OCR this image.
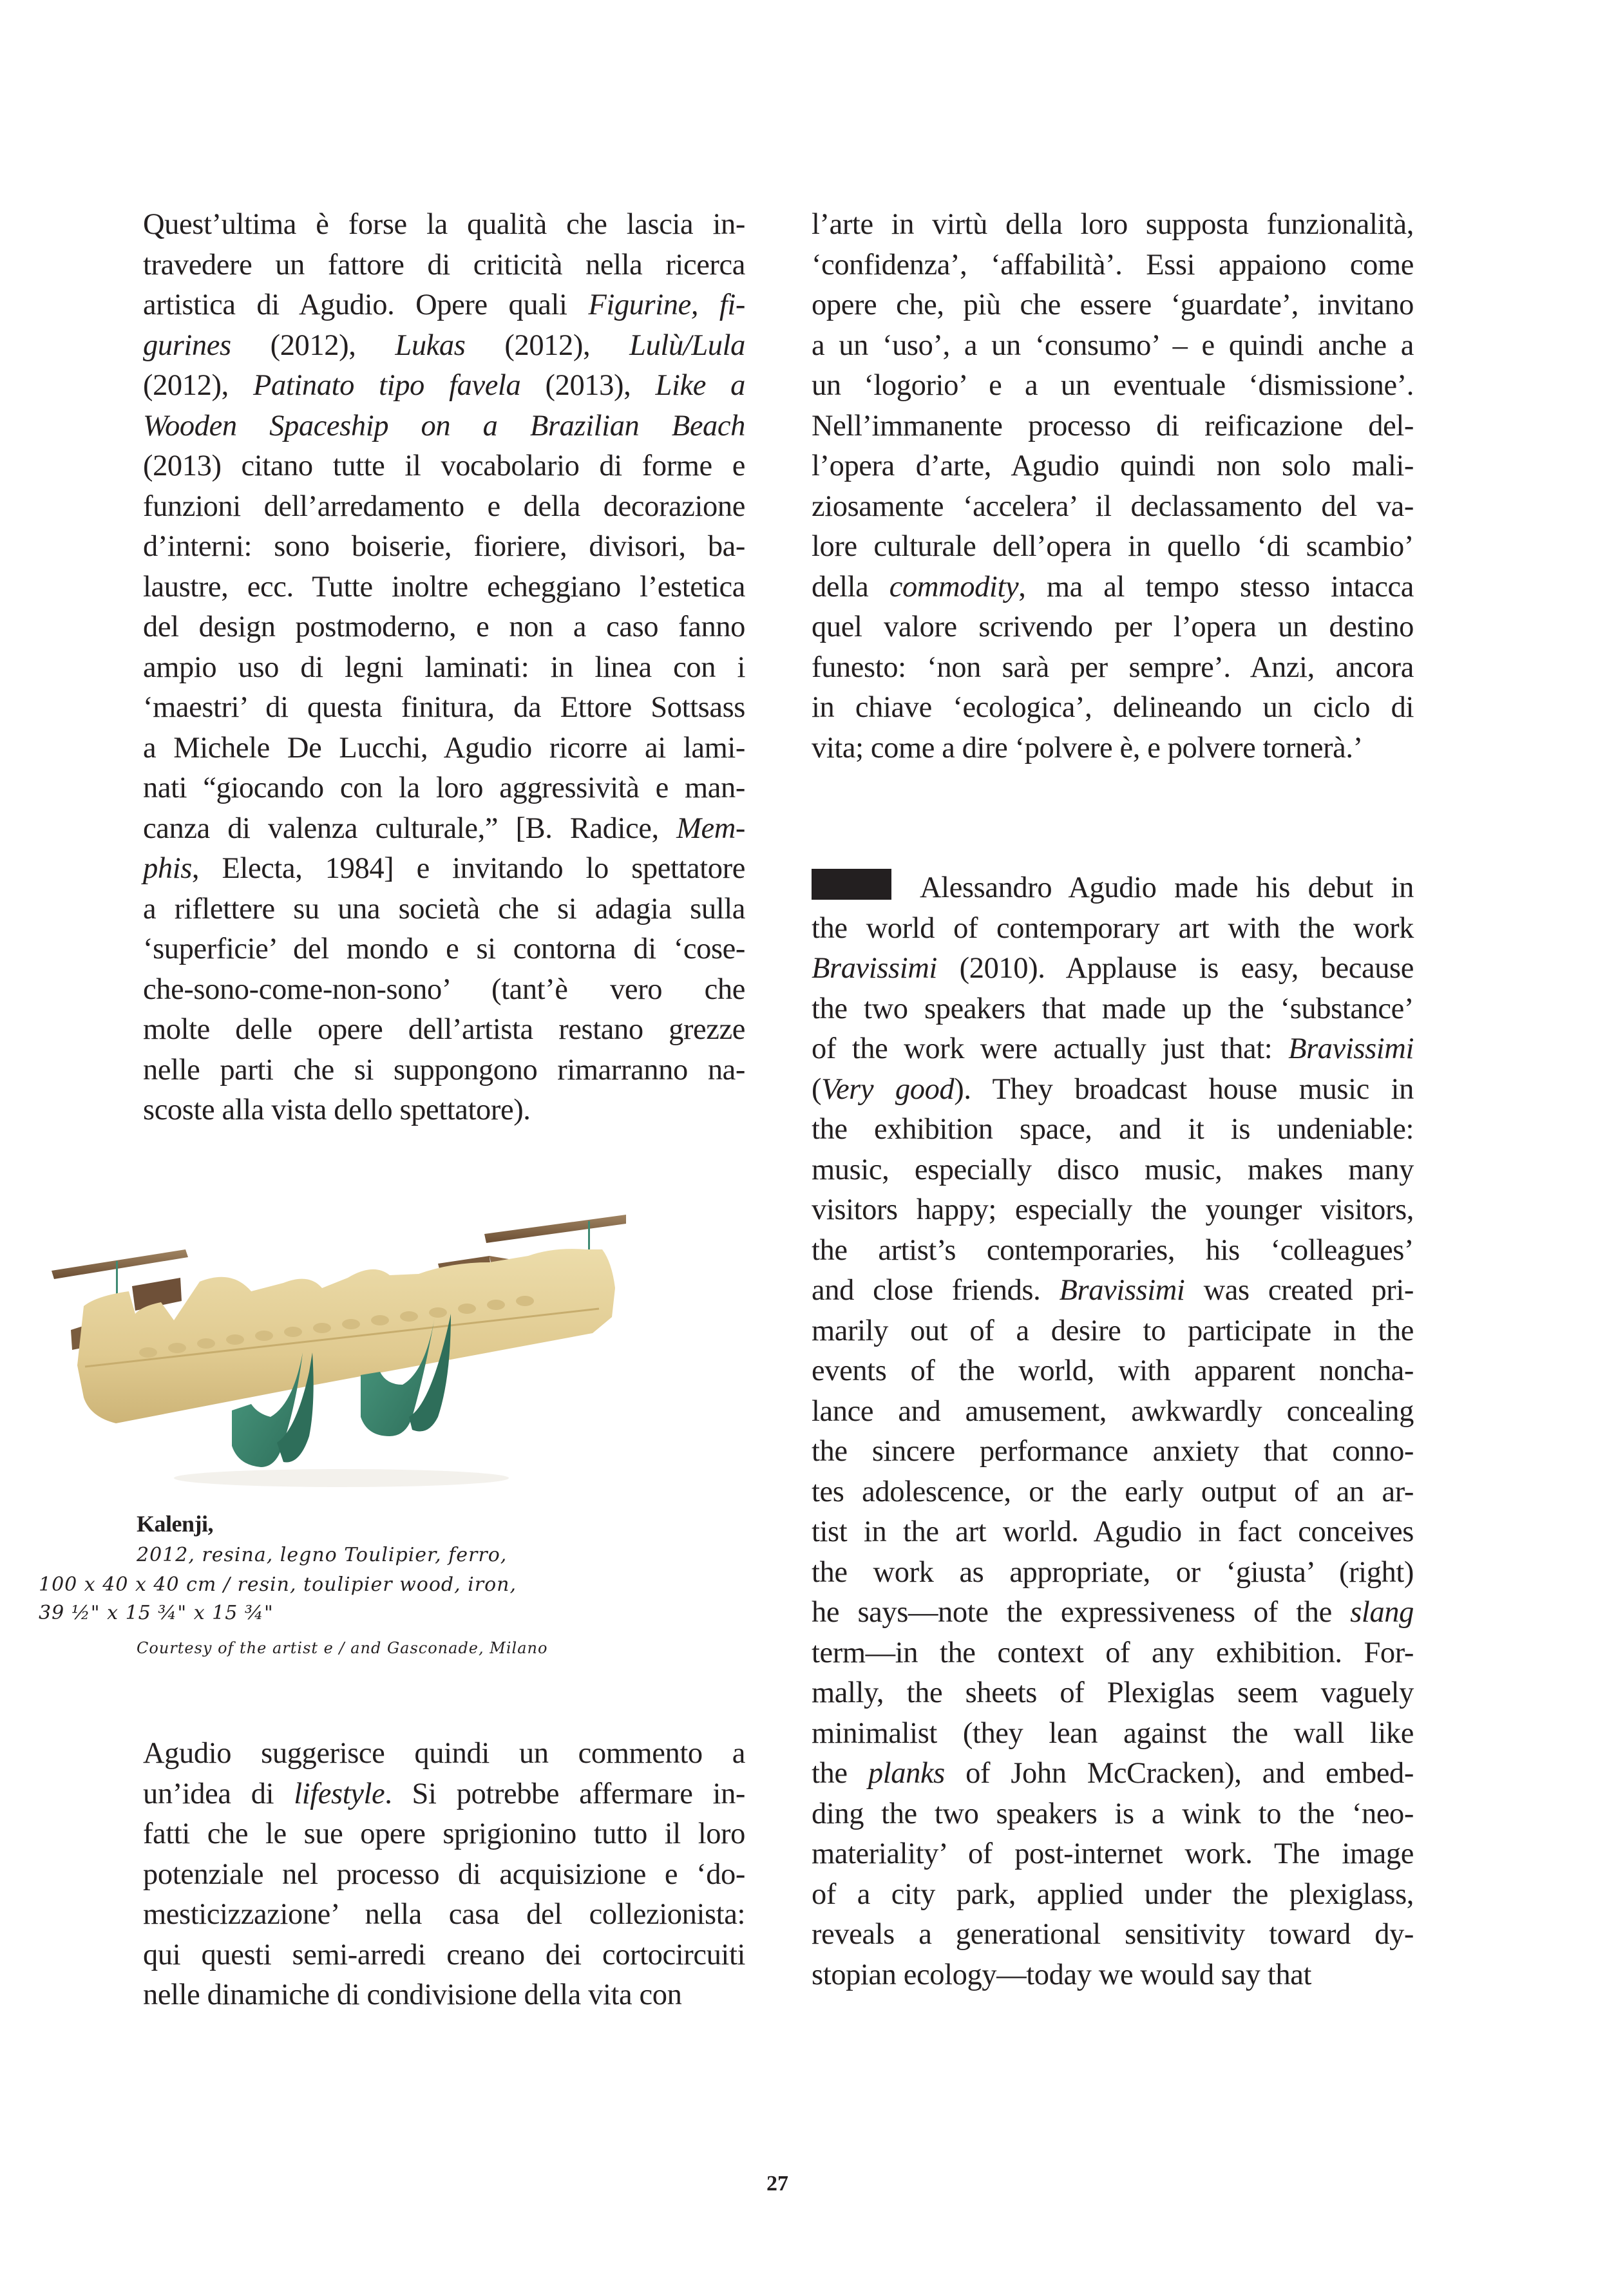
Quest’ultima è forse la qualità che lascia in-
travedere un fattore di criticità nella ricerca
artistica di Agudio. Opere quali Figurine, fi-
gurines (2012), Lukas (2012), Lulù/Lula
(2012), Patinato tipo favela (2013), Like a
Wooden Spaceship on a Brazilian Beach
(2013) citano tutte il vocabolario di forme e
funzioni dell’arredamento e della decorazione
d’interni: sono boiserie, fioriere, divisori, ba-
laustre, ecc. Tutte inoltre echeggiano l’estetica
del design postmoderno, e non a caso fanno
ampio uso di legni laminati: in linea con i
‘maestri’ di questa finitura, da Ettore Sottsass
a Michele De Lucchi, Agudio ricorre ai lami-
nati “giocando con la loro aggressività e man-
canza di valenza culturale,” [B. Radice, Mem-
phis, Electa, 1984] e invitando lo spettatore
a riflettere su una società che si adagia sulla
‘superficie’ del mondo e si contorna di ‘cose-
che-sono-come-non-sono’ (tant’è vero che
molte delle opere dell’artista restano grezze
nelle parti che si suppongono rimarranno na-
scoste alla vista dello spettatore).
Kalenji,
2012, resina, legno Toulipier, ferro,
100 x 40 x 40 cm / resin, toulipier wood, iron,
39 ½" x 15 ¾" x 15 ¾"
Courtesy of the artist e / and Gasconade, Milano
Agudio suggerisce quindi un commento a
un’idea di lifestyle. Si potrebbe affermare in-
fatti che le sue opere sprigionino tutto il loro
potenziale nel processo di acquisizione e ‘do-
mesticizzazione’ nella casa del collezionista:
qui questi semi-arredi creano dei cortocircuiti
nelle dinamiche di condivisione della vita con
l’arte in virtù della loro supposta funzionalità,
‘confidenza’, ‘affabilità’. Essi appaiono come
opere che, più che essere ‘guardate’, invitano
a un ‘uso’, a un ‘consumo’ – e quindi anche a
un ‘logorio’ e a un eventuale ‘dismissione’.
Nell’immanente processo di reificazione del-
l’opera d’arte, Agudio quindi non solo mali-
ziosamente ‘accelera’ il declassamento del va-
lore culturale dell’opera in quello ‘di scambio’
della commodity, ma al tempo stesso intacca
quel valore scrivendo per l’opera un destino
funesto: ‘non sarà per sempre’. Anzi, ancora
in chiave ‘ecologica’, delineando un ciclo di
vita; come a dire ‘polvere è, e polvere tornerà.’
Alessandro Agudio made his debut in
the world of contemporary art with the work
Bravissimi (2010). Applause is easy, because
the two speakers that made up the ‘substance’
of the work were actually just that: Bravissimi
(Very good). They broadcast house music in
the exhibition space, and it is undeniable:
music, especially disco music, makes many
visitors happy; especially the younger visitors,
the artist’s contemporaries, his ‘colleagues’
and close friends. Bravissimi was created pri-
marily out of a desire to participate in the
events of the world, with apparent noncha-
lance and amusement, awkwardly concealing
the sincere performance anxiety that conno-
tes adolescence, or the early output of an ar-
tist in the art world. Agudio in fact conceives
the work as appropriate, or ‘giusta’ (right)
he says—note the expressiveness of the slang
term—in the context of any exhibition. For-
mally, the sheets of Plexiglas seem vaguely
minimalist (they lean against the wall like
the planks of John McCracken), and embed-
ding the two speakers is a wink to the ‘neo-
materiality’ of post-internet work. The image
of a city park, applied under the plexiglass,
reveals a generational sensitivity toward dy-
stopian ecology—today we would say that
27
